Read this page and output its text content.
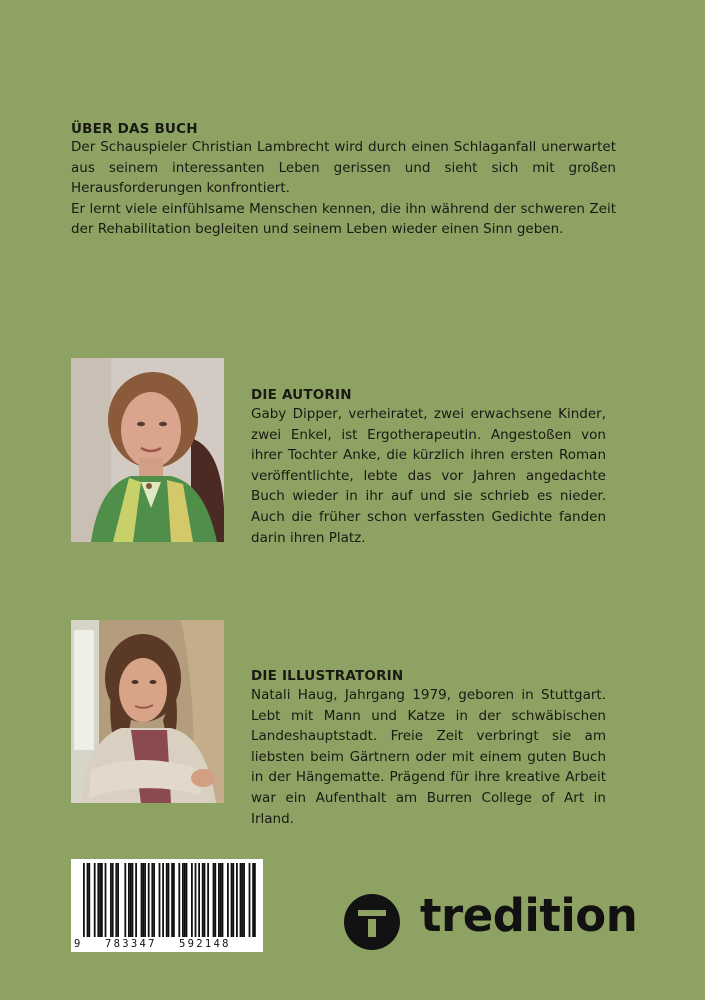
ÜBER DAS BUCH

Der Schauspieler Christian Lambrecht wird durch einen Schlaganfall unerwartet aus seinem interessanten Leben gerissen und sieht sich mit großen Herausforderungen konfrontiert.

Er lernt viele einfühlsame Menschen kennen, die ihn während der schweren Zeit der Rehabilitation begleiten und seinem Leben wieder einen Sinn geben.

DIE AUTORIN

Gaby Dipper, verheiratet, zwei erwachsene Kinder, zwei Enkel, ist Ergotherapeutin. Angestoßen von ihrer Tochter Anke, die kürzlich ihren ersten Roman veröffentlichte, lebte das vor Jahren angedachte Buch wieder in ihr auf und sie schrieb es nieder. Auch die früher schon verfassten Gedichte fanden darin ihren Platz.

DIE ILLUSTRATORIN

Natali Haug, Jahrgang 1979, geboren in Stuttgart. Lebt mit Mann und Katze in der schwäbischen Landeshauptstadt. Freie Zeit verbringt sie am liebsten beim Gärtnern oder mit einem guten Buch in der Hängematte. Prägend für ihre kreative Arbeit war ein Aufenthalt am Burren College of Art in Irland.

9 783347 592148
tredition
